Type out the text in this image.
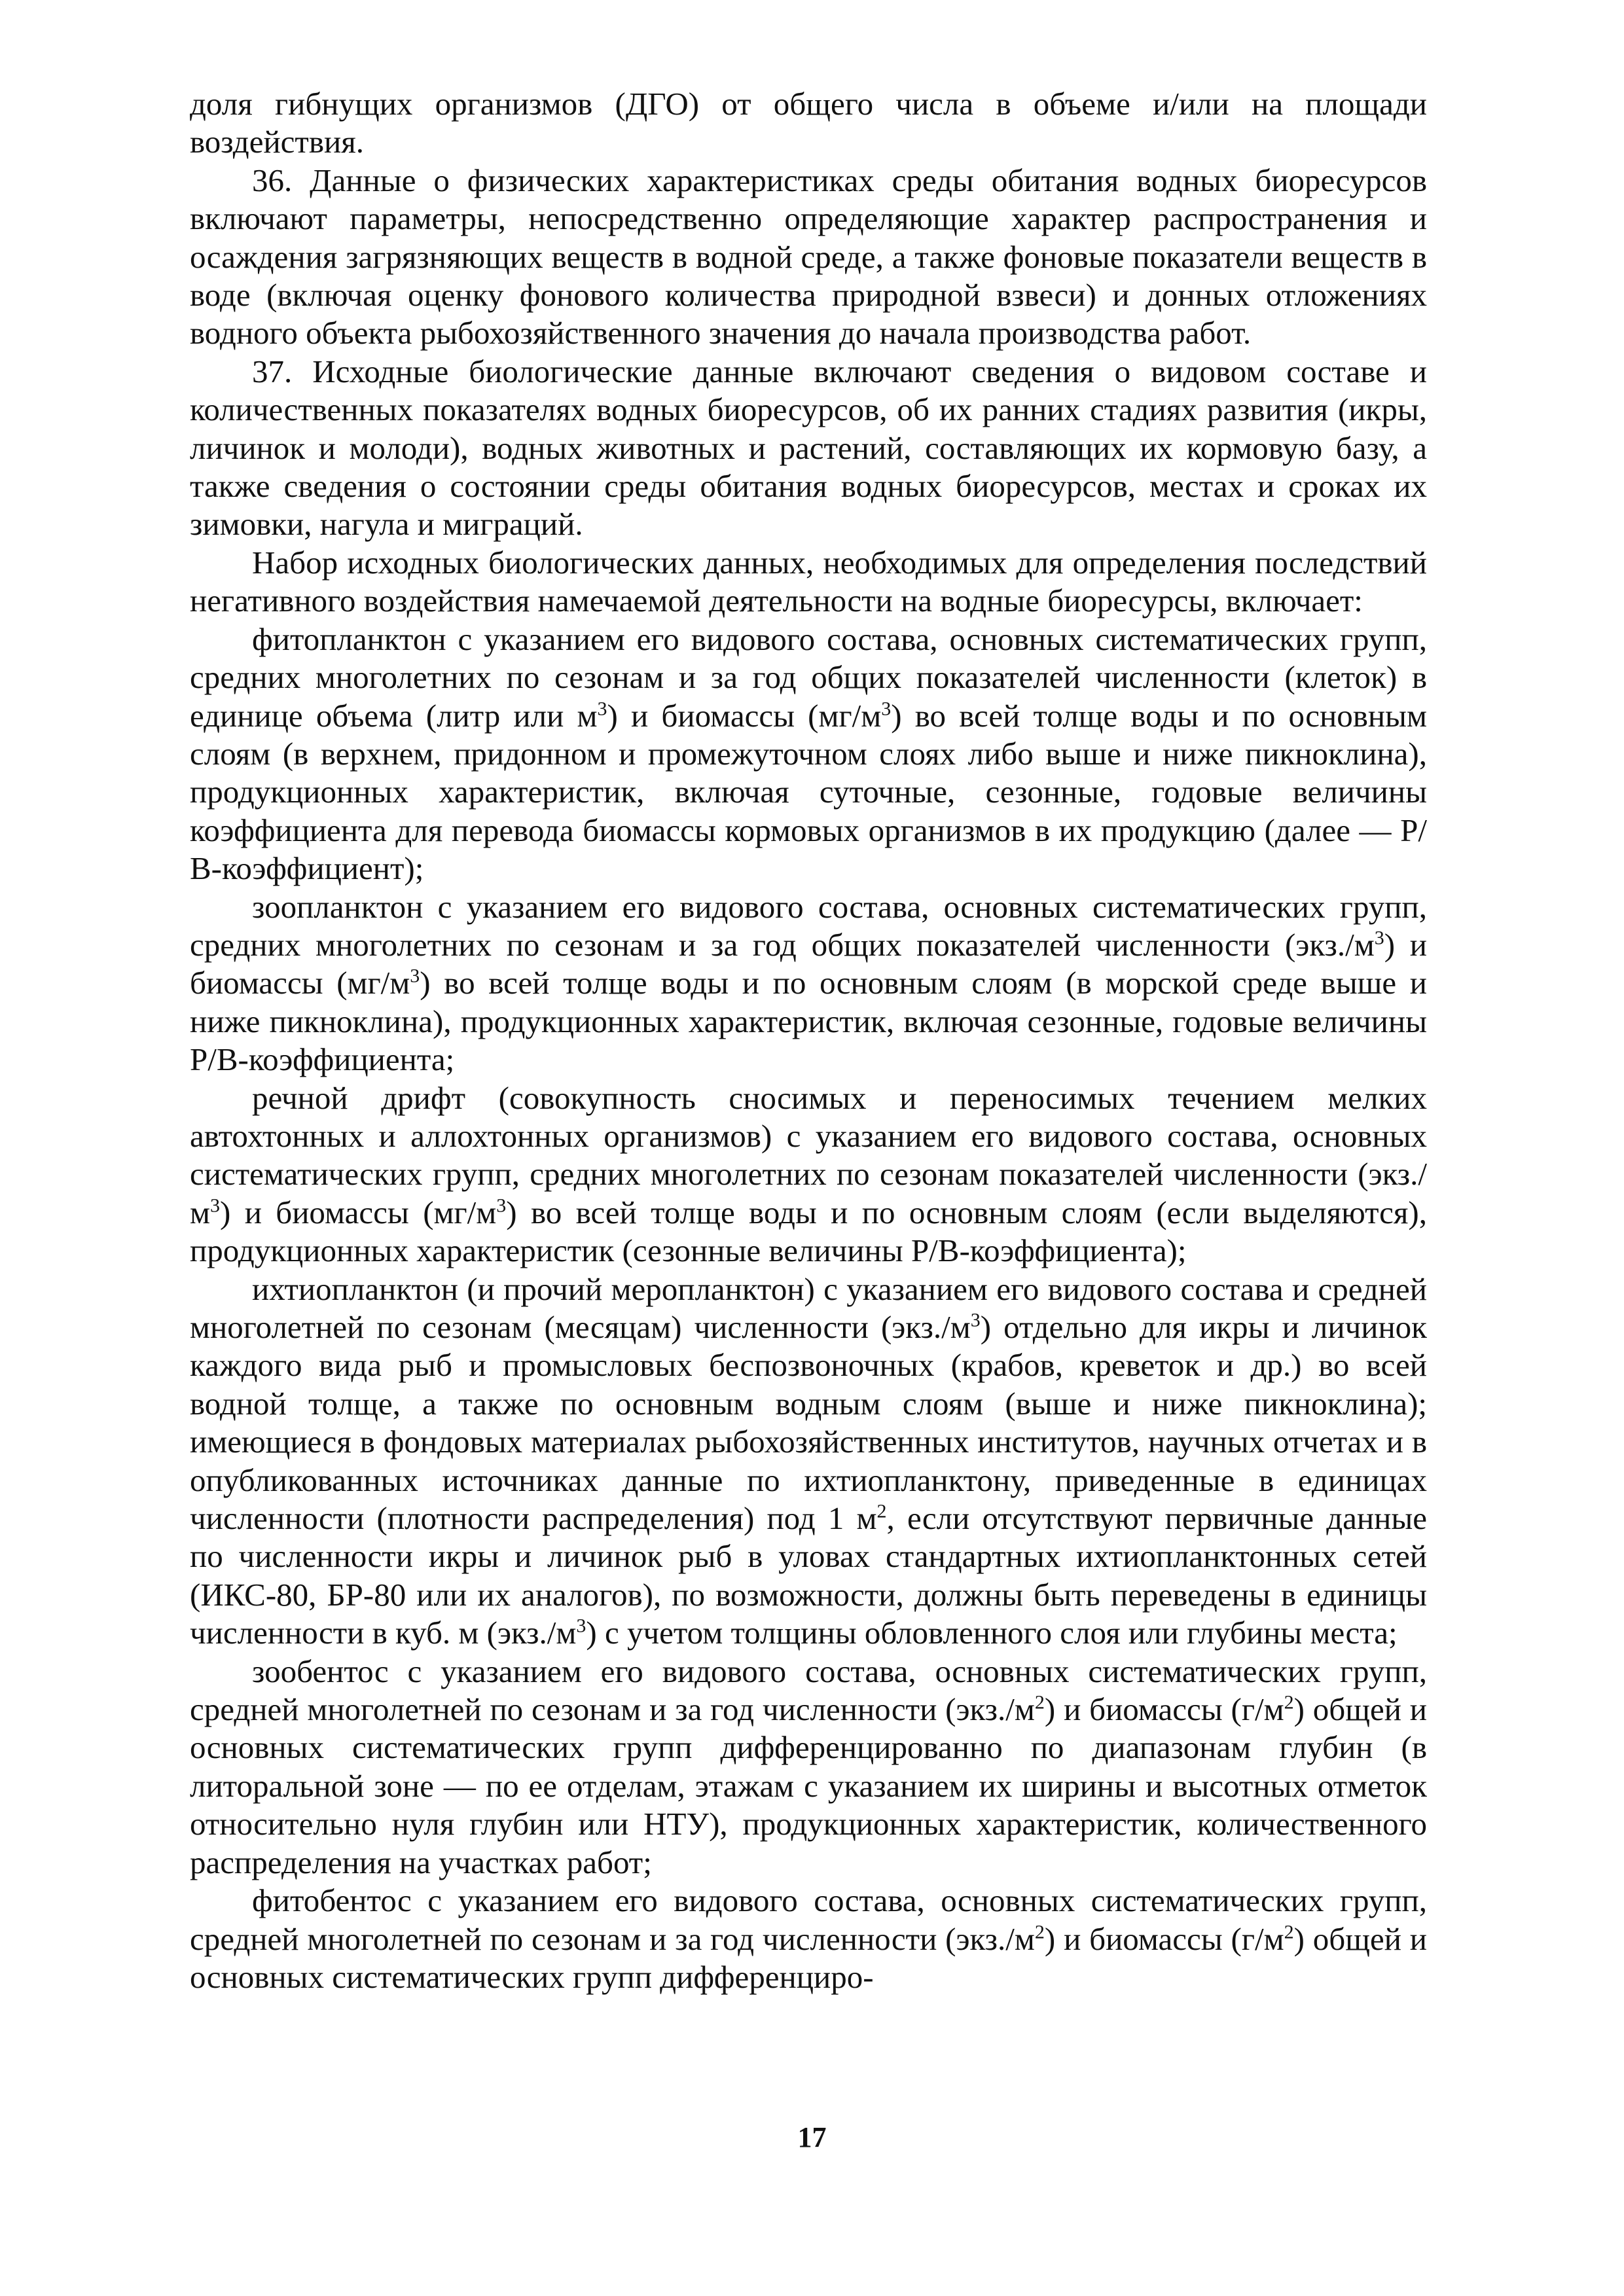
доля гибнущих организмов (ДГО) от общего числа в объеме и/или на площади воздействия.

36. Данные о физических характеристиках среды обитания водных биоресурсов включают параметры, непосредственно определяющие характер распространения и осаждения загрязняющих веществ в водной среде, а также фоновые показатели веществ в воде (включая оценку фонового количества природной взвеси) и донных отложениях водного объекта рыбохозяйственного значения до начала производства работ.

37. Исходные биологические данные включают сведения о видовом составе и количественных показателях водных биоресурсов, об их ранних стадиях развития (икры, личинок и молоди), водных животных и растений, составляющих их кормовую базу, а также сведения о состоянии среды обитания водных биоресурсов, местах и сроках их зимовки, нагула и миграций.

Набор исходных биологических данных, необходимых для определения последствий негативного воздействия намечаемой деятельности на водные биоресурсы, включает:

фитопланктон с указанием его видового состава, основных систематических групп, средних многолетних по сезонам и за год общих показателей численности (клеток) в единице объема (литр или $м^3$) и биомассы $(мг/м^3)$ во всей толще воды и по основным слоям (в верхнем, придонном и промежуточном слоях либо выше и ниже пикноклина), продукционных характеристик, включая суточные, сезонные, годовые величины коэффициента для перевода биомассы кормовых организмов в их продукцию (далее — Р/В-коэффициент);

зоопланктон с указанием его видового состава, основных систематических групп, средних многолетних по сезонам и за год общих показателей численности $(экз./м^3)$ и биомассы $(мг/м^3)$ во всей толще воды и по основным слоям (в морской среде выше и ниже пикноклина), продукционных характеристик, включая сезонные, годовые величины Р/В-коэффициента;

речной дрифт (совокупность сносимых и переносимых течением мелких автохтонных и аллохтонных организмов) с указанием его видового состава, основных систематических групп, средних многолетних по сезонам показателей численности $(экз./м^3)$ и биомассы $(мг/м^3)$ во всей толще воды и по основным слоям (если выделяются), продукционных характеристик (сезонные величины Р/В-коэффициента);

ихтиопланктон (и прочий меропланктон) с указанием его видового состава и средней многолетней по сезонам (месяцам) численности $(экз./м^3)$ отдельно для икры и личинок каждого вида рыб и промысловых беспозвоночных (крабов, креветок и др.) во всей водной толще, а также по основным водным слоям (выше и ниже пикноклина); имеющиеся в фондовых материалах рыбохозяйственных институтов, научных отчетах и в опубликованных источниках данные по ихтиопланктону, приведенные в единицах численности (плотности распределения) под 1 $м^2$, если отсутствуют первичные данные по численности икры и личинок рыб в уловах стандартных ихтиопланктонных сетей (ИКС-80, БР-80 или их аналогов), по возможности, должны быть переведены в единицы численности в куб. м $(экз./м^3)$ с учетом толщины обловленного слоя или глубины места;

зообентос с указанием его видового состава, основных систематических групп, средней многолетней по сезонам и за год численности $(экз./м^2)$ и биомассы $(г/м^2)$ общей и основных систематических групп дифференцированно по диапазонам глубин (в литоральной зоне — по ее отделам, этажам с указанием их ширины и высотных отметок относительно нуля глубин или НТУ), продукционных характеристик, количественного распределения на участках работ;

фитобентос с указанием его видового состава, основных систематических групп, средней многолетней по сезонам и за год численности $(экз./м^2)$ и биомассы $(г/м^2)$ общей и основных систематических групп дифференциро-

17
